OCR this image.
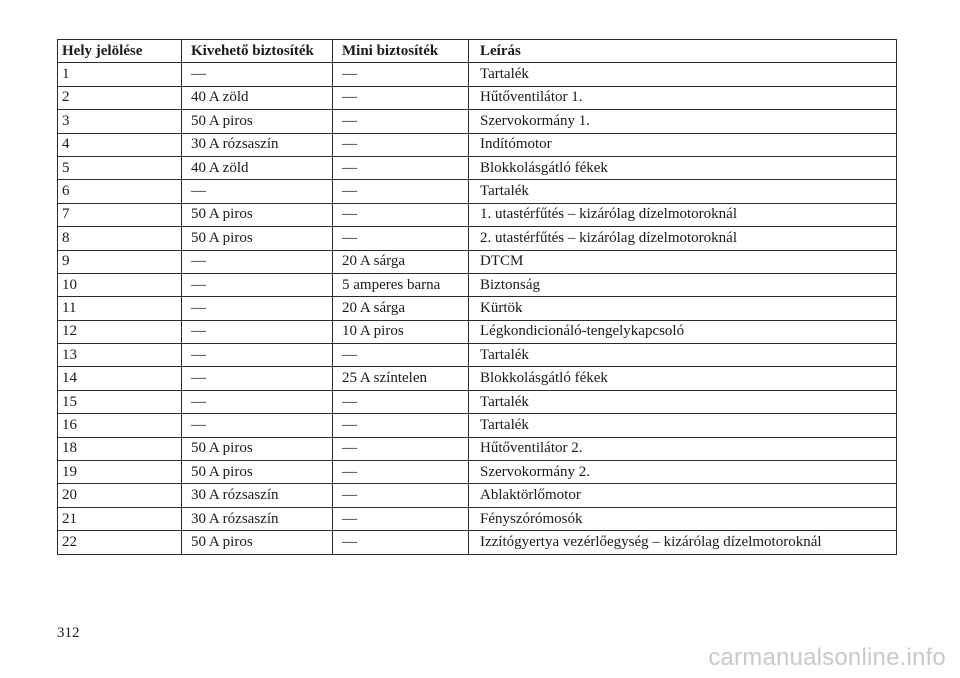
Hely jelölése	Kivehető biztosíték	Mini biztosíték	Leírás
1	—	—	Tartalék
2	40 A zöld	—	Hűtőventilátor 1.
3	50 A piros	—	Szervokormány 1.
4	30 A rózsaszín	—	Indítómotor
5	40 A zöld	—	Blokkolásgátló fékek
6	—	—	Tartalék
7	50 A piros	—	1. utastérfűtés – kizárólag dízelmotoroknál
8	50 A piros	—	2. utastérfűtés – kizárólag dízelmotoroknál
9	—	20 A sárga	DTCM
10	—	5 amperes barna	Biztonság
11	—	20 A sárga	Kürtök
12	—	10 A piros	Légkondicionáló-tengelykapcsoló
13	—	—	Tartalék
14	—	25 A színtelen	Blokkolásgátló fékek
15	—	—	Tartalék
16	—	—	Tartalék
18	50 A piros	—	Hűtőventilátor 2.
19	50 A piros	—	Szervokormány 2.
20	30 A rózsaszín	—	Ablaktörlőmotor
21	30 A rózsaszín	—	Fényszórómosók
22	50 A piros	—	Izzítógyertya vezérlőegység – kizárólag dízelmotoroknál
312
carmanualsonline.info
